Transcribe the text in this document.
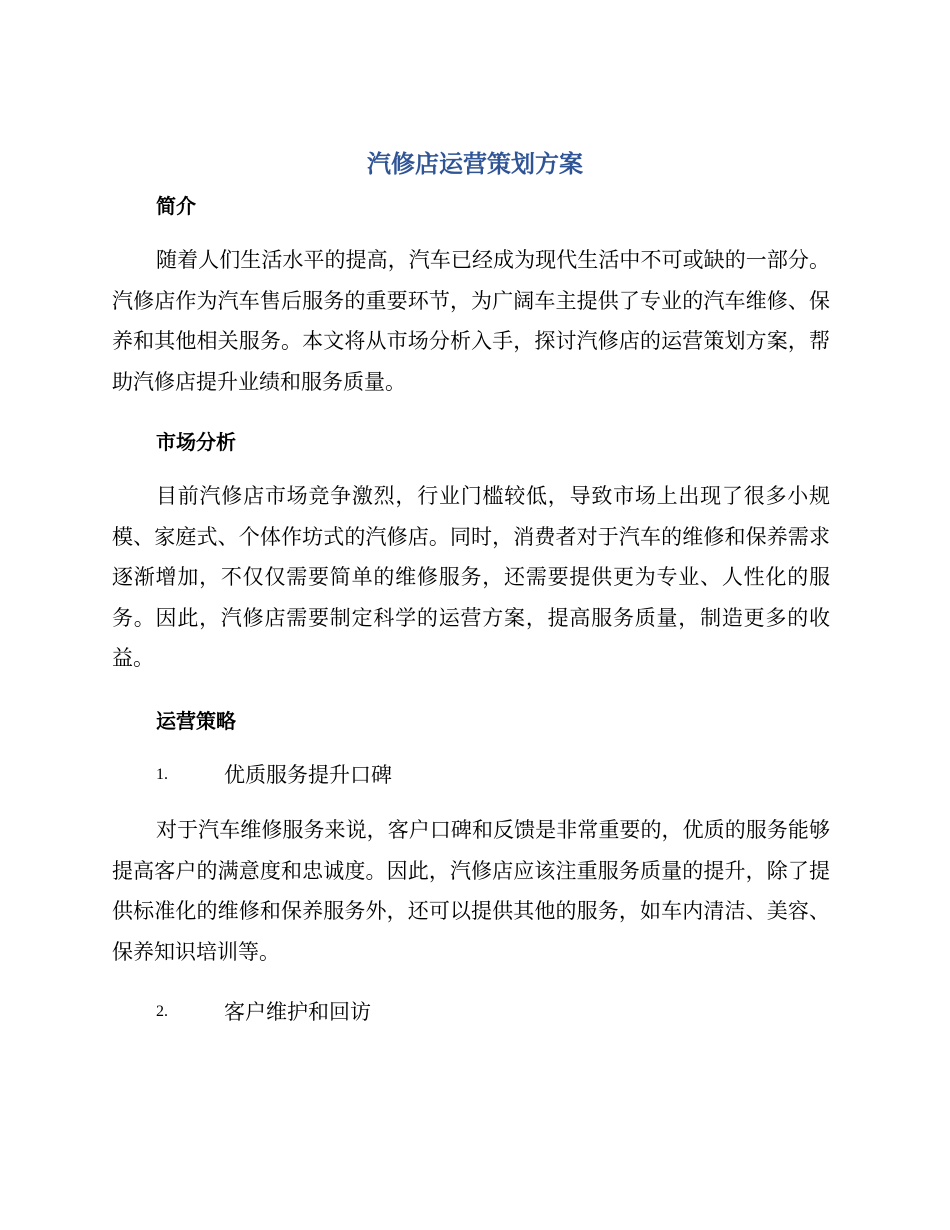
汽修店运营策划方案
简介

随着人们生活水平的提高，汽车已经成为现代生活中不可或缺的一部分。汽修店作为汽车售后服务的重要环节，为广阔车主提供了专业的汽车维修、保养和其他相关服务。本文将从市场分析入手，探讨汽修店的运营策划方案，帮助汽修店提升业绩和服务质量。

市场分析

目前汽修店市场竞争激烈，行业门槛较低，导致市场上出现了很多小规模、家庭式、个体作坊式的汽修店。同时，消费者对于汽车的维修和保养需求逐渐增加，不仅仅需要简单的维修服务，还需要提供更为专业、人性化的服务。因此，汽修店需要制定科学的运营方案，提高服务质量，制造更多的收益。

运营策略
1.	优质服务提升口碑

对于汽车维修服务来说，客户口碑和反馈是非常重要的，优质的服务能够提高客户的满意度和忠诚度。因此，汽修店应该注重服务质量的提升，除了提供标准化的维修和保养服务外，还可以提供其他的服务，如车内清洁、美容、保养知识培训等。

2.	客户维护和回访
